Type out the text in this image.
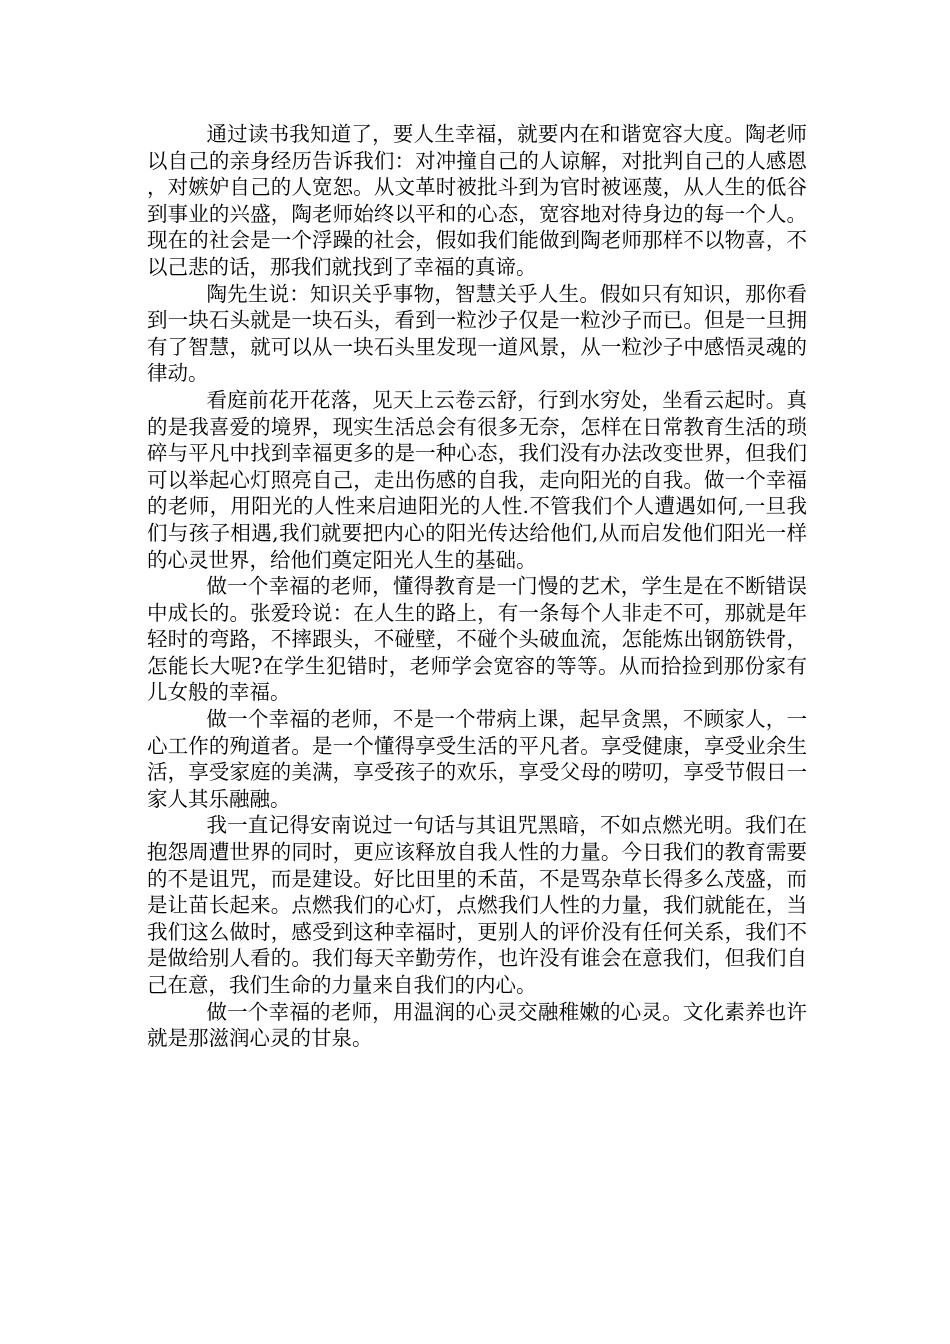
通过读书我知道了，要人生幸福，就要内在和谐宽容大度。陶老师以自己的亲身经历告诉我们：对冲撞自己的人谅解，对批判自己的人感恩，对嫉妒自己的人宽恕。从文革时被批斗到为官时被诬蔑，从人生的低谷到事业的兴盛，陶老师始终以平和的心态，宽容地对待身边的每一个人。现在的社会是一个浮躁的社会，假如我们能做到陶老师那样不以物喜，不以己悲的话，那我们就找到了幸福的真谛。

陶先生说：知识关乎事物，智慧关乎人生。假如只有知识，那你看到一块石头就是一块石头，看到一粒沙子仅是一粒沙子而已。但是一旦拥有了智慧，就可以从一块石头里发现一道风景，从一粒沙子中感悟灵魂的律动。

看庭前花开花落，见天上云卷云舒，行到水穷处，坐看云起时。真的是我喜爱的境界，现实生活总会有很多无奈，怎样在日常教育生活的琐碎与平凡中找到幸福更多的是一种心态，我们没有办法改变世界，但我们可以举起心灯照亮自己，走出伤感的自我，走向阳光的自我。做一个幸福的老师，用阳光的人性来启迪阳光的人性.不管我们个人遭遇如何,一旦我们与孩子相遇,我们就要把内心的阳光传达给他们,从而启发他们阳光一样的心灵世界，给他们奠定阳光人生的基础。

做一个幸福的老师，懂得教育是一门慢的艺术，学生是在不断错误中成长的。张爱玲说：在人生的路上，有一条每个人非走不可，那就是年轻时的弯路，不摔跟头，不碰壁，不碰个头破血流，怎能炼出钢筋铁骨，怎能长大呢?在学生犯错时，老师学会宽容的等等。从而拾捡到那份家有儿女般的幸福。

做一个幸福的老师，不是一个带病上课，起早贪黑，不顾家人，一心工作的殉道者。是一个懂得享受生活的平凡者。享受健康，享受业余生活，享受家庭的美满，享受孩子的欢乐，享受父母的唠叨，享受节假日一家人其乐融融。

我一直记得安南说过一句话与其诅咒黑暗，不如点燃光明。我们在抱怨周遭世界的同时，更应该释放自我人性的力量。今日我们的教育需要的不是诅咒，而是建设。好比田里的禾苗，不是骂杂草长得多么茂盛，而是让苗长起来。点燃我们的心灯，点燃我们人性的力量，我们就能在，当我们这么做时，感受到这种幸福时，更别人的评价没有任何关系，我们不是做给别人看的。我们每天辛勤劳作，也许没有谁会在意我们，但我们自己在意，我们生命的力量来自我们的内心。

做一个幸福的老师，用温润的心灵交融稚嫩的心灵。文化素养也许就是那滋润心灵的甘泉。
